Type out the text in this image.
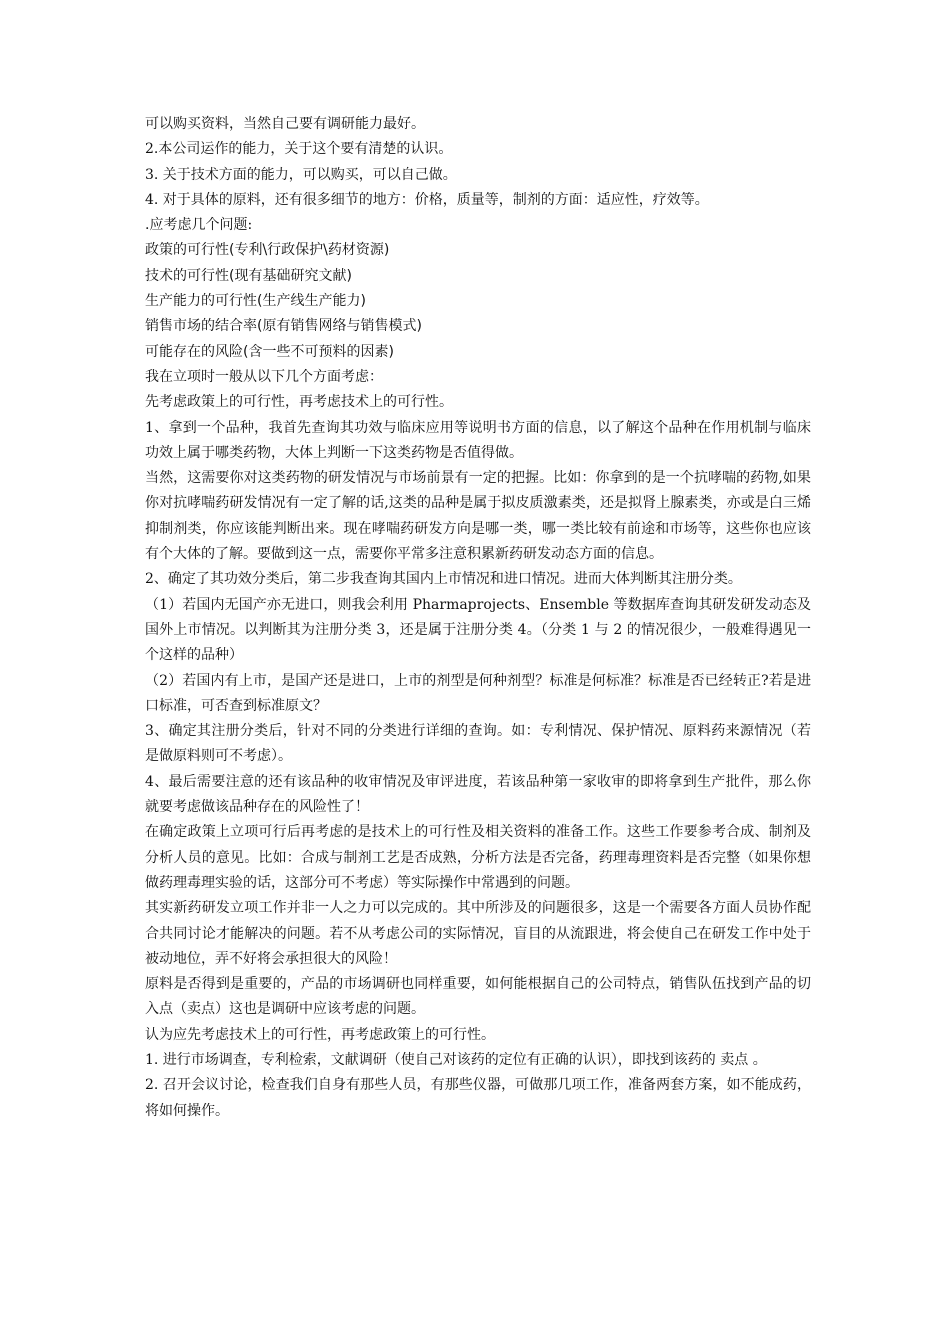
可以购买资料，当然自己要有调研能力最好。

2.本公司运作的能力，关于这个要有清楚的认识。

3. 关于技术方面的能力，可以购买，可以自己做。

4. 对于具体的原料，还有很多细节的地方：价格，质量等，制剂的方面：适应性，疗效等。

.应考虑几个问题:

政策的可行性(专利\行政保护\药材资源)

技术的可行性(现有基础研究文献)

生产能力的可行性(生产线生产能力)

销售市场的结合率(原有销售网络与销售模式)

可能存在的风险(含一些不可预料的因素)

我在立项时一般从以下几个方面考虑：

先考虑政策上的可行性，再考虑技术上的可行性。

1、拿到一个品种，我首先查询其功效与临床应用等说明书方面的信息，以了解这个品种在作用机制与临床功效上属于哪类药物，大体上判断一下这类药物是否值得做。

当然，这需要你对这类药物的研发情况与市场前景有一定的把握。比如：你拿到的是一个抗哮喘的药物,如果你对抗哮喘药研发情况有一定了解的话,这类的品种是属于拟皮质激素类，还是拟肾上腺素类，亦或是白三烯抑制剂类，你应该能判断出来。现在哮喘药研发方向是哪一类，哪一类比较有前途和市场等，这些你也应该有个大体的了解。要做到这一点，需要你平常多注意积累新药研发动态方面的信息。

2、确定了其功效分类后，第二步我查询其国内上市情况和进口情况。进而大体判断其注册分类。

（1）若国内无国产亦无进口，则我会利用 Pharmaprojects、Ensemble 等数据库查询其研发研发动态及国外上市情况。以判断其为注册分类 3，还是属于注册分类 4。（分类 1 与 2 的情况很少，一般难得遇见一个这样的品种）

（2）若国内有上市，是国产还是进口，上市的剂型是何种剂型？标准是何标准？标准是否已经转正?若是进口标准，可否查到标准原文？

3、确定其注册分类后，针对不同的分类进行详细的查询。如：专利情况、保护情况、原料药来源情况（若是做原料则可不考虑）。

4、最后需要注意的还有该品种的收审情况及审评进度，若该品种第一家收审的即将拿到生产批件，那么你就要考虑做该品种存在的风险性了！

在确定政策上立项可行后再考虑的是技术上的可行性及相关资料的准备工作。这些工作要参考合成、制剂及分析人员的意见。比如：合成与制剂工艺是否成熟，分析方法是否完备，药理毒理资料是否完整（如果你想做药理毒理实验的话，这部分可不考虑）等实际操作中常遇到的问题。

其实新药研发立项工作并非一人之力可以完成的。其中所涉及的问题很多，这是一个需要各方面人员协作配合共同讨论才能解决的问题。若不从考虑公司的实际情况，盲目的从流跟进，将会使自己在研发工作中处于被动地位，弄不好将会承担很大的风险！

原料是否得到是重要的，产品的市场调研也同样重要，如何能根据自己的公司特点，销售队伍找到产品的切入点（卖点）这也是调研中应该考虑的问题。

认为应先考虑技术上的可行性，再考虑政策上的可行性。

1. 进行市场调查，专利检索，文献调研（使自己对该药的定位有正确的认识），即找到该药的 卖点 。

2. 召开会议讨论，检查我们自身有那些人员，有那些仪器，可做那几项工作，准备两套方案，如不能成药，将如何操作。
